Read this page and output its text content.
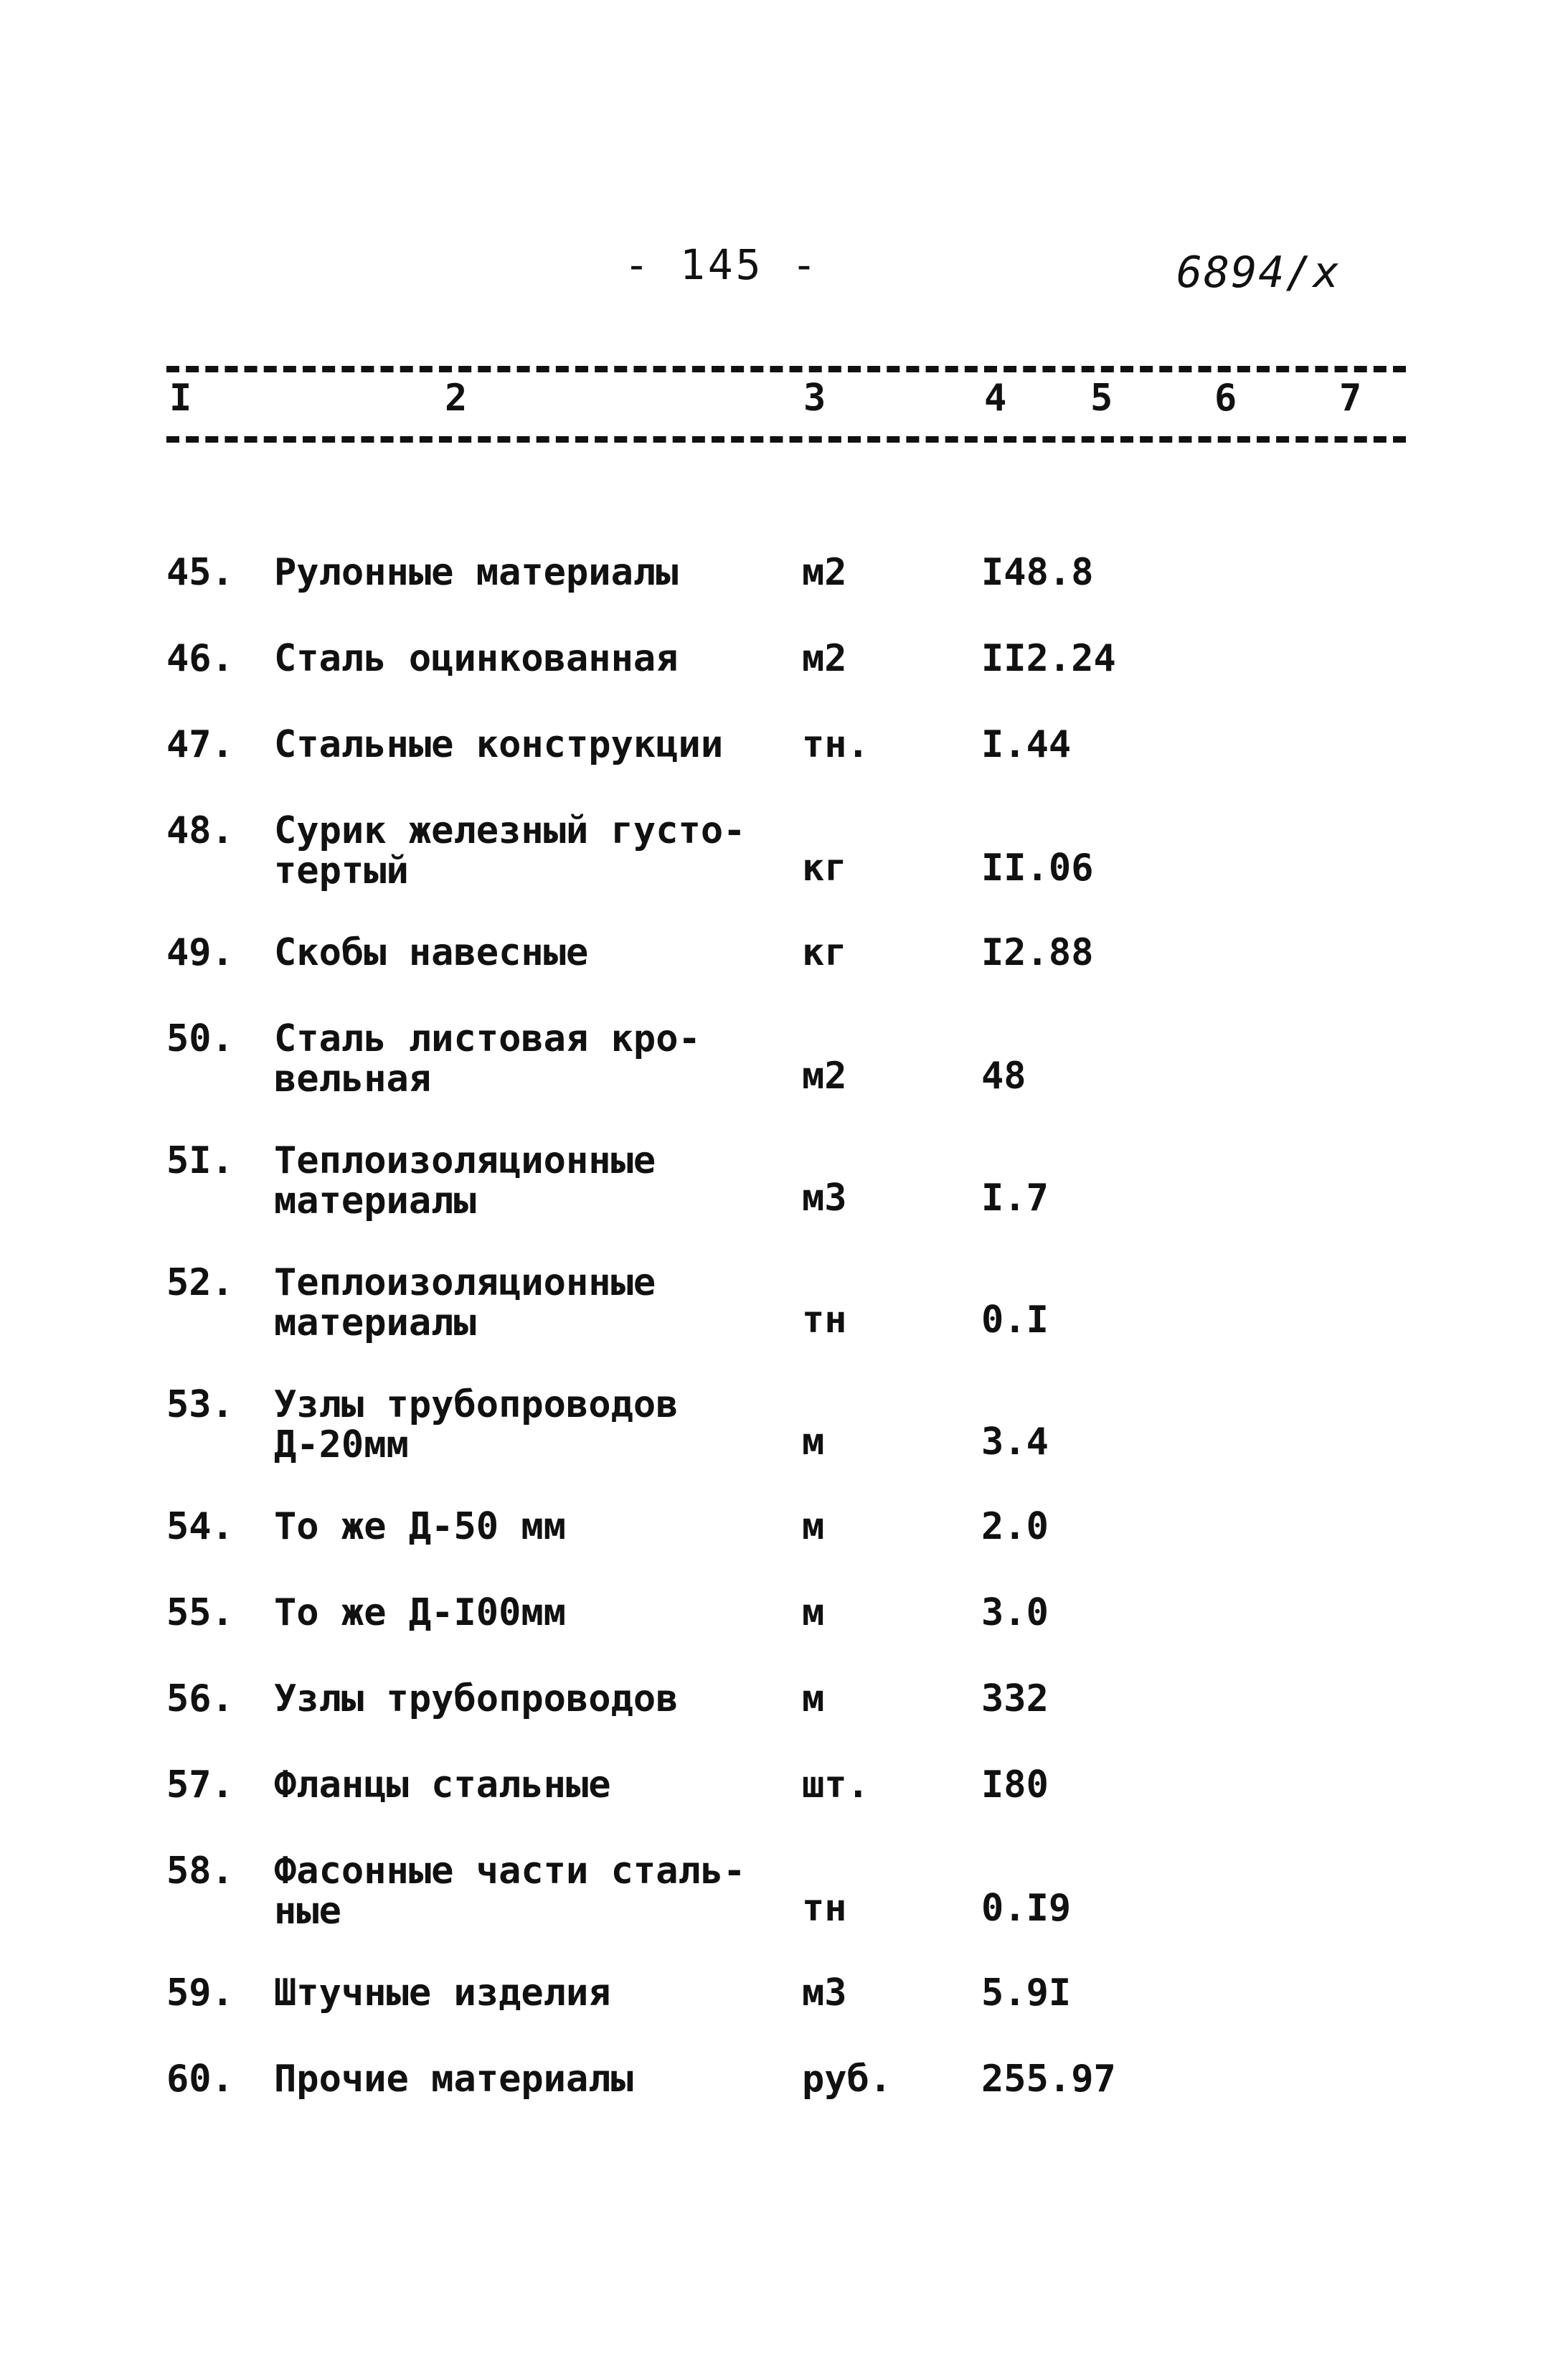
- 145 -	6894/x
I	2	3	4 5	6	7
45.	Рулонные материалы	м2	I48.8
46.	Сталь оцинкованная	м2	II2.24
47.	Стальные конструкции	тн.	I.44
48.	Сурик железный густо-
тертый	кг	II.06
49.	Скобы навесные	кг	I2.88
50.	Сталь листовая кро-
вельная	м2	48
5I.	Теплоизоляционные
материалы	м3	I.7
52.	Теплоизоляционные
материалы	тн	0.I
53.	Узлы трубопроводов
Д-20мм	м	3.4
54.	То же Д-50 мм	м	2.0
55.	То же Д-I00мм	м	3.0
56.	Узлы трубопроводов	м	332
57.	Фланцы стальные	шт.	I80
58.	Фасонные части сталь-
ные	тн	0.I9
59.	Штучные изделия	м3	5.9I
60.	Прочие материалы	руб.	255.97
